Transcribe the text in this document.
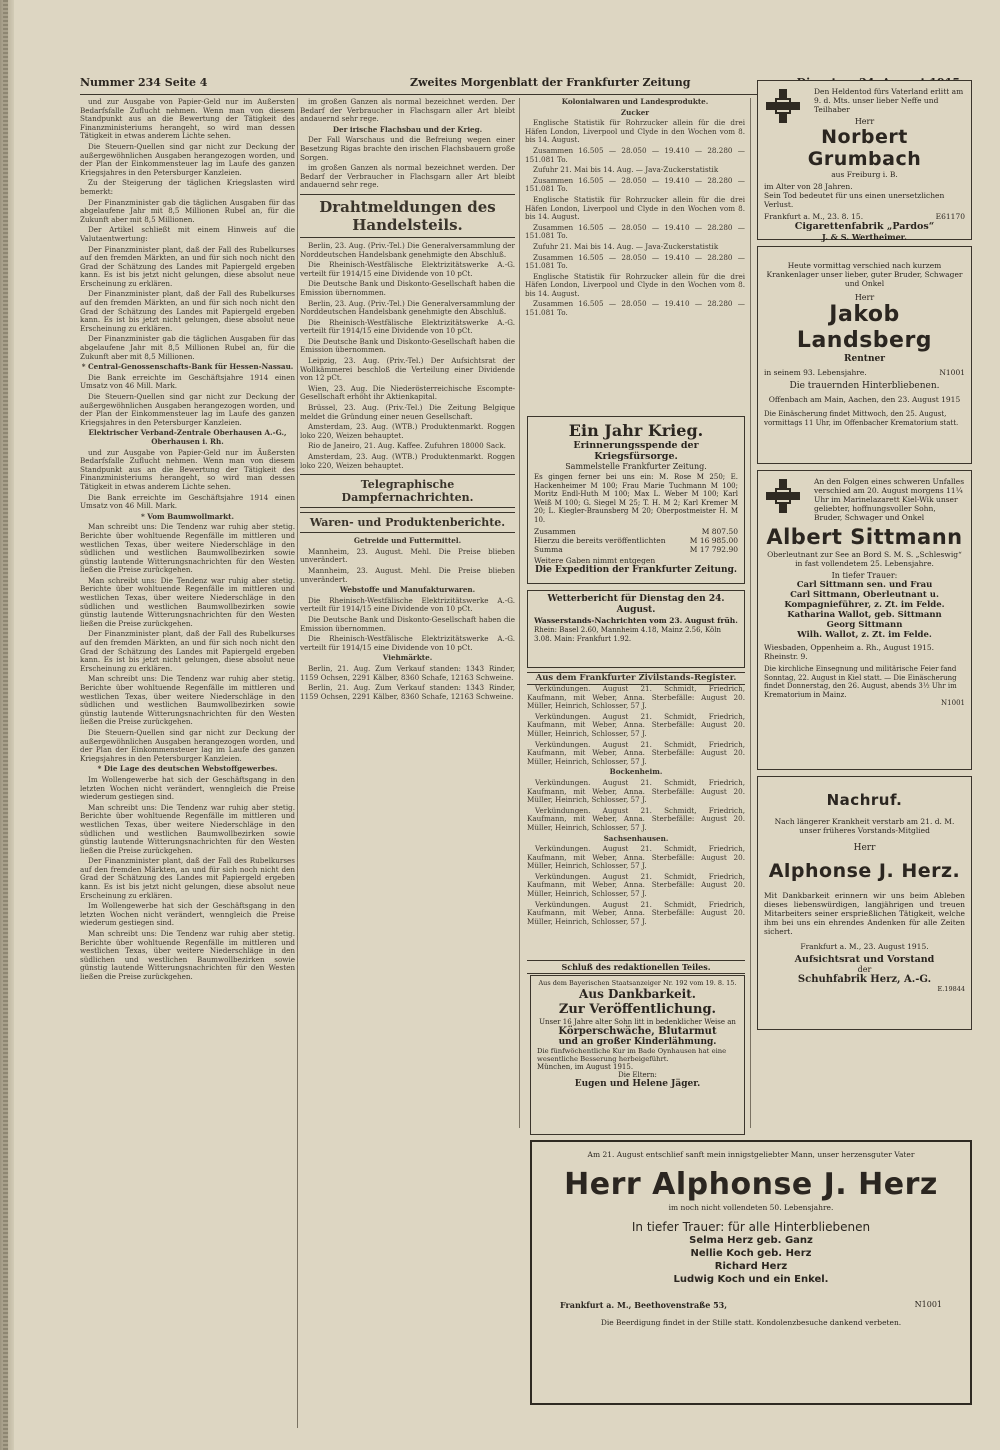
Nummer 234 Seite 4	Zweites Morgenblatt der Frankfurter Zeitung

und zur Ausgabe von Papier-Geld nur im Äußersten Bedarfsfalle Zuflucht nehmen. Wenn man von diesem Standpunkt aus an die Bewertung der Tätigkeit des Finanzministeriums herangeht, so wird man dessen Tätigkeit in etwas anderem Lichte sehen.

Die Steuern-Quellen sind gar nicht zur Deckung der außergewöhnlichen Ausgaben herangezogen worden, und der Plan der Einkommensteuer lag im Laufe des ganzen Kriegsjahres in den Petersburger Kanzleien.

Zu der Steigerung der täglichen Kriegslasten wird bemerkt:

Der Finanzminister gab die täglichen Ausgaben für das abgelaufene Jahr mit 8,5 Millionen Rubel an, für die Zukunft aber mit 8,5 Millionen.

Der Artikel schließt mit einem Hinweis auf die Valutaentwertung:

Der Finanzminister plant, daß der Fall des Rubelkurses auf den fremden Märkten, an und für sich noch nicht den Grad der Schätzung des Landes mit Papiergeld ergeben kann. Es ist bis jetzt nicht gelungen, diese absolut neue Erscheinung zu erklären.

Der Finanzminister plant, daß der Fall des Rubelkurses auf den fremden Märkten, an und für sich noch nicht den Grad der Schätzung des Landes mit Papiergeld ergeben kann. Es ist bis jetzt nicht gelungen, diese absolut neue Erscheinung zu erklären.

Der Finanzminister gab die täglichen Ausgaben für das abgelaufene Jahr mit 8,5 Millionen Rubel an, für die Zukunft aber mit 8,5 Millionen.

* Central-Genossenschafts-Bank für Hessen-Nassau.

Die Bank erreichte im Geschäftsjahre 1914 einen Umsatz von 46 Mill. Mark.

Die Steuern-Quellen sind gar nicht zur Deckung der außergewöhnlichen Ausgaben herangezogen worden, und der Plan der Einkommensteuer lag im Laufe des ganzen Kriegsjahres in den Petersburger Kanzleien.

Elektrischer Verband-Zentrale Oberhausen A.-G., Oberhausen i. Rh.

und zur Ausgabe von Papier-Geld nur im Äußersten Bedarfsfalle Zuflucht nehmen. Wenn man von diesem Standpunkt aus an die Bewertung der Tätigkeit des Finanzministeriums herangeht, so wird man dessen Tätigkeit in etwas anderem Lichte sehen.

Die Bank erreichte im Geschäftsjahre 1914 einen Umsatz von 46 Mill. Mark.

* Vom Baumwollmarkt.

Man schreibt uns: Die Tendenz war ruhig aber stetig. Berichte über wohltuende Regenfälle im mittleren und westlichen Texas, über weitere Niederschläge in den südlichen und westlichen Baumwollbezirken sowie günstig lautende Witterungsnachrichten für den Westen ließen die Preise zurückgehen.

Man schreibt uns: Die Tendenz war ruhig aber stetig. Berichte über wohltuende Regenfälle im mittleren und westlichen Texas, über weitere Niederschläge in den südlichen und westlichen Baumwollbezirken sowie günstig lautende Witterungsnachrichten für den Westen ließen die Preise zurückgehen.

Der Finanzminister plant, daß der Fall des Rubelkurses auf den fremden Märkten, an und für sich noch nicht den Grad der Schätzung des Landes mit Papiergeld ergeben kann. Es ist bis jetzt nicht gelungen, diese absolut neue Erscheinung zu erklären.

Man schreibt uns: Die Tendenz war ruhig aber stetig. Berichte über wohltuende Regenfälle im mittleren und westlichen Texas, über weitere Niederschläge in den südlichen und westlichen Baumwollbezirken sowie günstig lautende Witterungsnachrichten für den Westen ließen die Preise zurückgehen.

Die Steuern-Quellen sind gar nicht zur Deckung der außergewöhnlichen Ausgaben herangezogen worden, und der Plan der Einkommensteuer lag im Laufe des ganzen Kriegsjahres in den Petersburger Kanzleien.

* Die Lage des deutschen Webstoffgewerbes.

Im Wollengewerbe hat sich der Geschäftsgang in den letzten Wochen nicht verändert, wenngleich die Preise wiederum gestiegen sind.

Man schreibt uns: Die Tendenz war ruhig aber stetig. Berichte über wohltuende Regenfälle im mittleren und westlichen Texas, über weitere Niederschläge in den südlichen und westlichen Baumwollbezirken sowie günstig lautende Witterungsnachrichten für den Westen ließen die Preise zurückgehen.

Der Finanzminister plant, daß der Fall des Rubelkurses auf den fremden Märkten, an und für sich noch nicht den Grad der Schätzung des Landes mit Papiergeld ergeben kann. Es ist bis jetzt nicht gelungen, diese absolut neue Erscheinung zu erklären.

Im Wollengewerbe hat sich der Geschäftsgang in den letzten Wochen nicht verändert, wenngleich die Preise wiederum gestiegen sind.

Man schreibt uns: Die Tendenz war ruhig aber stetig. Berichte über wohltuende Regenfälle im mittleren und westlichen Texas, über weitere Niederschläge in den südlichen und westlichen Baumwollbezirken sowie günstig lautende Witterungsnachrichten für den Westen ließen die Preise zurückgehen.

im großen Ganzen als normal bezeichnet werden. Der Bedarf der Verbraucher in Flachsgarn aller Art bleibt andauernd sehr rege.

Der irische Flachsbau und der Krieg.

Der Fall Warschaus und die Befreiung wegen einer Besetzung Rigas brachte den irischen Flachsbauern große Sorgen.

im großen Ganzen als normal bezeichnet werden. Der Bedarf der Verbraucher in Flachsgarn aller Art bleibt andauernd sehr rege.

Drahtmeldungen des Handelsteils.

Berlin, 23. Aug. (Priv.-Tel.) Die Generalversammlung der Norddeutschen Handelsbank genehmigte den Abschluß.

Die Rheinisch-Westfälische Elektrizitätswerke A.-G. verteilt für 1914/15 eine Dividende von 10 pCt.

Die Deutsche Bank und Diskonto-Gesellschaft haben die Emission übernommen.

Berlin, 23. Aug. (Priv.-Tel.) Die Generalversammlung der Norddeutschen Handelsbank genehmigte den Abschluß.

Die Rheinisch-Westfälische Elektrizitätswerke A.-G. verteilt für 1914/15 eine Dividende von 10 pCt.

Die Deutsche Bank und Diskonto-Gesellschaft haben die Emission übernommen.

Leipzig, 23. Aug. (Priv.-Tel.) Der Aufsichtsrat der Wollkämmerei beschloß die Verteilung einer Dividende von 12 pCt.

Wien, 23. Aug. Die Niederösterreichische Escompte-Gesellschaft erhöht ihr Aktienkapital.

Brüssel, 23. Aug. (Priv.-Tel.) Die Zeitung Belgique meldet die Gründung einer neuen Gesellschaft.

Amsterdam, 23. Aug. (WTB.) Produktenmarkt. Roggen loko 220, Weizen behauptet.

Rio de Janeiro, 21. Aug. Kaffee. Zufuhren 18000 Sack.

Amsterdam, 23. Aug. (WTB.) Produktenmarkt. Roggen loko 220, Weizen behauptet.

Telegraphische Dampfernachrichten.
Waren- und Produktenberichte.

Getreide und Futtermittel.

Mannheim, 23. August. Mehl. Die Preise blieben unverändert.

Mannheim, 23. August. Mehl. Die Preise blieben unverändert.

Webstoffe und Manufakturwaren.

Die Rheinisch-Westfälische Elektrizitätswerke A.-G. verteilt für 1914/15 eine Dividende von 10 pCt.

Die Deutsche Bank und Diskonto-Gesellschaft haben die Emission übernommen.

Die Rheinisch-Westfälische Elektrizitätswerke A.-G. verteilt für 1914/15 eine Dividende von 10 pCt.

Viehmärkte.

Berlin, 21. Aug. Zum Verkauf standen: 1343 Rinder, 1159 Ochsen, 2291 Kälber, 8360 Schafe, 12163 Schweine.

Berlin, 21. Aug. Zum Verkauf standen: 1343 Rinder, 1159 Ochsen, 2291 Kälber, 8360 Schafe, 12163 Schweine.

Kolonialwaren und Landesprodukte.

Zucker

Englische Statistik für Rohrzucker allein für die drei Häfen London, Liverpool und Clyde in den Wochen vom 8. bis 14. August.

Zusammen 16.505 — 28.050 — 19.410 — 28.280 — 151.081 To.

Zufuhr 21. Mai bis 14. Aug. — Java-Zuckerstatistik

Zusammen 16.505 — 28.050 — 19.410 — 28.280 — 151.081 To.

Englische Statistik für Rohrzucker allein für die drei Häfen London, Liverpool und Clyde in den Wochen vom 8. bis 14. August.

Zusammen 16.505 — 28.050 — 19.410 — 28.280 — 151.081 To.

Zufuhr 21. Mai bis 14. Aug. — Java-Zuckerstatistik

Zusammen 16.505 — 28.050 — 19.410 — 28.280 — 151.081 To.

Englische Statistik für Rohrzucker allein für die drei Häfen London, Liverpool und Clyde in den Wochen vom 8. bis 14. August.

Zusammen 16.505 — 28.050 — 19.410 — 28.280 — 151.081 To.

Ein Jahr Krieg.
Erinnerungsspende der Kriegsfürsorge.
Sammelstelle Frankfurter Zeitung.
Es gingen ferner bei uns ein: M. Rose M 250; E. Hackenheimer M 100; Frau Marie Tuchmann M 100; Moritz Endl-Huth M 100; Max L. Weber M 100; Karl Weiß M 100; G. Siegel M 25; T. H. M 2; Karl Kremer M 20; L. Kiegler-Braunsberg M 20; Oberpostmeister H. M 10.
Zusammen	M 807.50
Hierzu die bereits veröffentlichten	M 16 985.00
Summa	M 17 792.90
Weitere Gaben nimmt entgegen
Die Expedition der Frankfurter Zeitung.
Wetterbericht für Dienstag den 24. August.
Wasserstands-Nachrichten vom 23. August früh.
Rhein: Basel 2.60, Mannheim 4.18, Mainz 2.56, Köln 3.08. Main: Frankfurt 1.92.
Aus dem Frankfurter Zivilstands-Register.

Verkündungen. August 21. Schmidt, Friedrich, Kaufmann, mit Weber, Anna. Sterbefälle: August 20. Müller, Heinrich, Schlosser, 57 J.

Verkündungen. August 21. Schmidt, Friedrich, Kaufmann, mit Weber, Anna. Sterbefälle: August 20. Müller, Heinrich, Schlosser, 57 J.

Verkündungen. August 21. Schmidt, Friedrich, Kaufmann, mit Weber, Anna. Sterbefälle: August 20. Müller, Heinrich, Schlosser, 57 J.

Bockenheim.

Verkündungen. August 21. Schmidt, Friedrich, Kaufmann, mit Weber, Anna. Sterbefälle: August 20. Müller, Heinrich, Schlosser, 57 J.

Verkündungen. August 21. Schmidt, Friedrich, Kaufmann, mit Weber, Anna. Sterbefälle: August 20. Müller, Heinrich, Schlosser, 57 J.

Sachsenhausen.

Verkündungen. August 21. Schmidt, Friedrich, Kaufmann, mit Weber, Anna. Sterbefälle: August 20. Müller, Heinrich, Schlosser, 57 J.

Verkündungen. August 21. Schmidt, Friedrich, Kaufmann, mit Weber, Anna. Sterbefälle: August 20. Müller, Heinrich, Schlosser, 57 J.

Verkündungen. August 21. Schmidt, Friedrich, Kaufmann, mit Weber, Anna. Sterbefälle: August 20. Müller, Heinrich, Schlosser, 57 J.

Schluß des redaktionellen Teiles.
Aus dem Bayerischen Staatsanzeiger Nr. 192 vom 19. 8. 15.
Aus Dankbarkeit.
Zur Veröffentlichung.
Unser 16 Jahre alter Sohn litt in bedenklicher Weise an
Körperschwäche, Blutarmut
und an großer Kinderlähmung.
Die fünfwöchentliche Kur im Bade Oynhausen hat eine wesentliche Besserung herbeigeführt.
München, im August 1915.
Die Eltern:
Eugen und Helene Jäger.
Den Heldentod fürs Vaterland erlitt am 9. d. Mts. unser lieber Neffe und Teilhaber
Herr
Norbert Grumbach
aus Freiburg i. B.
im Alter von 28 Jahren.
Sein Tod bedeutet für uns einen unersetzlichen Verlust.
Frankfurt a. M., 23. 8. 15.	E61170
Cigarettenfabrik „Pardos“
J. & S. Wertheimer.
Heute vormittag verschied nach kurzem Krankenlager unser lieber, guter Bruder, Schwager und Onkel
Herr
Jakob Landsberg
Rentner
in seinem 93. Lebensjahre.	N1001
Die trauernden Hinterbliebenen.
Offenbach am Main, Aachen, den 23. August 1915
Die Einäscherung findet Mittwoch, den 25. August, vormittags 11 Uhr, im Offenbacher Krematorium statt.
An den Folgen eines schweren Unfalles verschied am 20. August morgens 11¼ Uhr im Marinelazarett Kiel-Wik unser geliebter, hoffnungsvoller Sohn, Bruder, Schwager und Onkel
Albert Sittmann
Oberleutnant zur See an Bord S. M. S. „Schleswig“ in fast vollendetem 25. Lebensjahre.
In tiefer Trauer:
Carl Sittmann sen. und Frau
Carl Sittmann, Oberleutnant u. Kompagnieführer, z. Zt. im Felde.
Katharina Wallot, geb. Sittmann
Georg Sittmann
Wilh. Wallot, z. Zt. im Felde.
Wiesbaden, Oppenheim a. Rh., August 1915.
Rheinstr. 9.
Die kirchliche Einsegnung und militärische Feier fand Sonntag, 22. August in Kiel statt. — Die Einäscherung findet Donnerstag, den 26. August, abends 3½ Uhr im Krematorium in Mainz.
N1001
Nachruf.
Nach längerer Krankheit verstarb am 21. d. M. unser früheres Vorstands-Mitglied
Herr
Alphonse J. Herz.
Mit Dankbarkeit erinnern wir uns beim Ableben dieses liebenswürdigen, langjährigen und treuen Mitarbeiters seiner ersprießlichen Tätigkeit, welche ihm bei uns ein ehrendes Andenken für alle Zeiten sichert.
Frankfurt a. M., 23. August 1915.
Aufsichtsrat und Vorstand
der
Schuhfabrik Herz, A.-G.
E.19844
Am 21. August entschlief sanft mein innigstgeliebter Mann, unser herzensguter Vater
Herr Alphonse J. Herz
im noch nicht vollendeten 50. Lebensjahre.
In tiefer Trauer: für alle Hinterbliebenen
Selma Herz geb. Ganz
Nellie Koch geb. Herz
Richard Herz
Ludwig Koch und ein Enkel.
Frankfurt a. M., Beethovenstraße 53,	N1001
Die Beerdigung findet in der Stille statt. Kondolenzbesuche dankend verbeten.
